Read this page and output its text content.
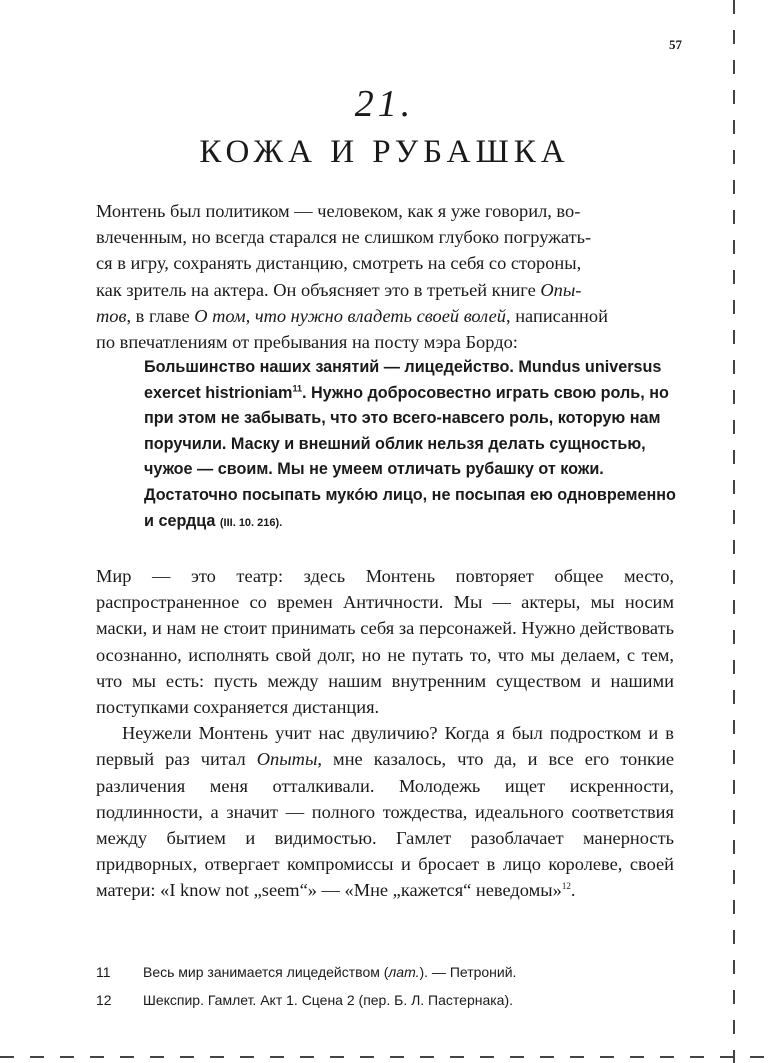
57
21.
КОЖА И РУБАШКА
Монтень был политиком — человеком, как я уже говорил, во-
влеченным, но всегда старался не слишком глубоко погружать-
ся в игру, сохранять дистанцию, смотреть на себя со стороны,
как зритель на актера. Он объясняет это в третьей книге Опы-
тов, в главе О том, что нужно владеть своей волей, написанной
по впечатлениям от пребывания на посту мэра Бордо:
Большинство наших занятий — лицедейство. Mundus universus exercet histrioniam$^{11}$. Нужно добросовестно играть свою роль, но при этом не забывать, что это всего-навсего роль, которую нам поручили. Маску и внешний облик нельзя делать сущностью, чужое — своим. Мы не умеем отличать рубашку от кожи. Достаточно посыпать мукóю лицо, не посыпая ею одновременно и сердца (III. 10. 216).

Мир — это театр: здесь Монтень повторяет общее место, распространенное со времен Античности. Мы — актеры, мы носим маски, и нам не стоит принимать себя за персонажей. Нужно действовать осознанно, исполнять свой долг, но не путать то, что мы делаем, с тем, что мы есть: пусть между нашим внутренним существом и нашими поступками сохраняется дистанция.

Неужели Монтень учит нас двуличию? Когда я был подростком и в первый раз читал Опыты, мне казалось, что да, и все его тонкие различения меня отталкивали. Молодежь ищет искренности, подлинности, а значит — полного тождества, идеального соответствия между бытием и видимостью. Гамлет разоблачает манерность придворных, отвергает компромиссы и бросает в лицо королеве, своей матери: «I know not „seem“» — «Мне „кажется“ неведомы»$^{12}$.

11	Весь мир занимается лицедейством (лат.). — Петроний.
12	Шекспир. Гамлет. Акт 1. Сцена 2 (пер. Б. Л. Пастернака).
